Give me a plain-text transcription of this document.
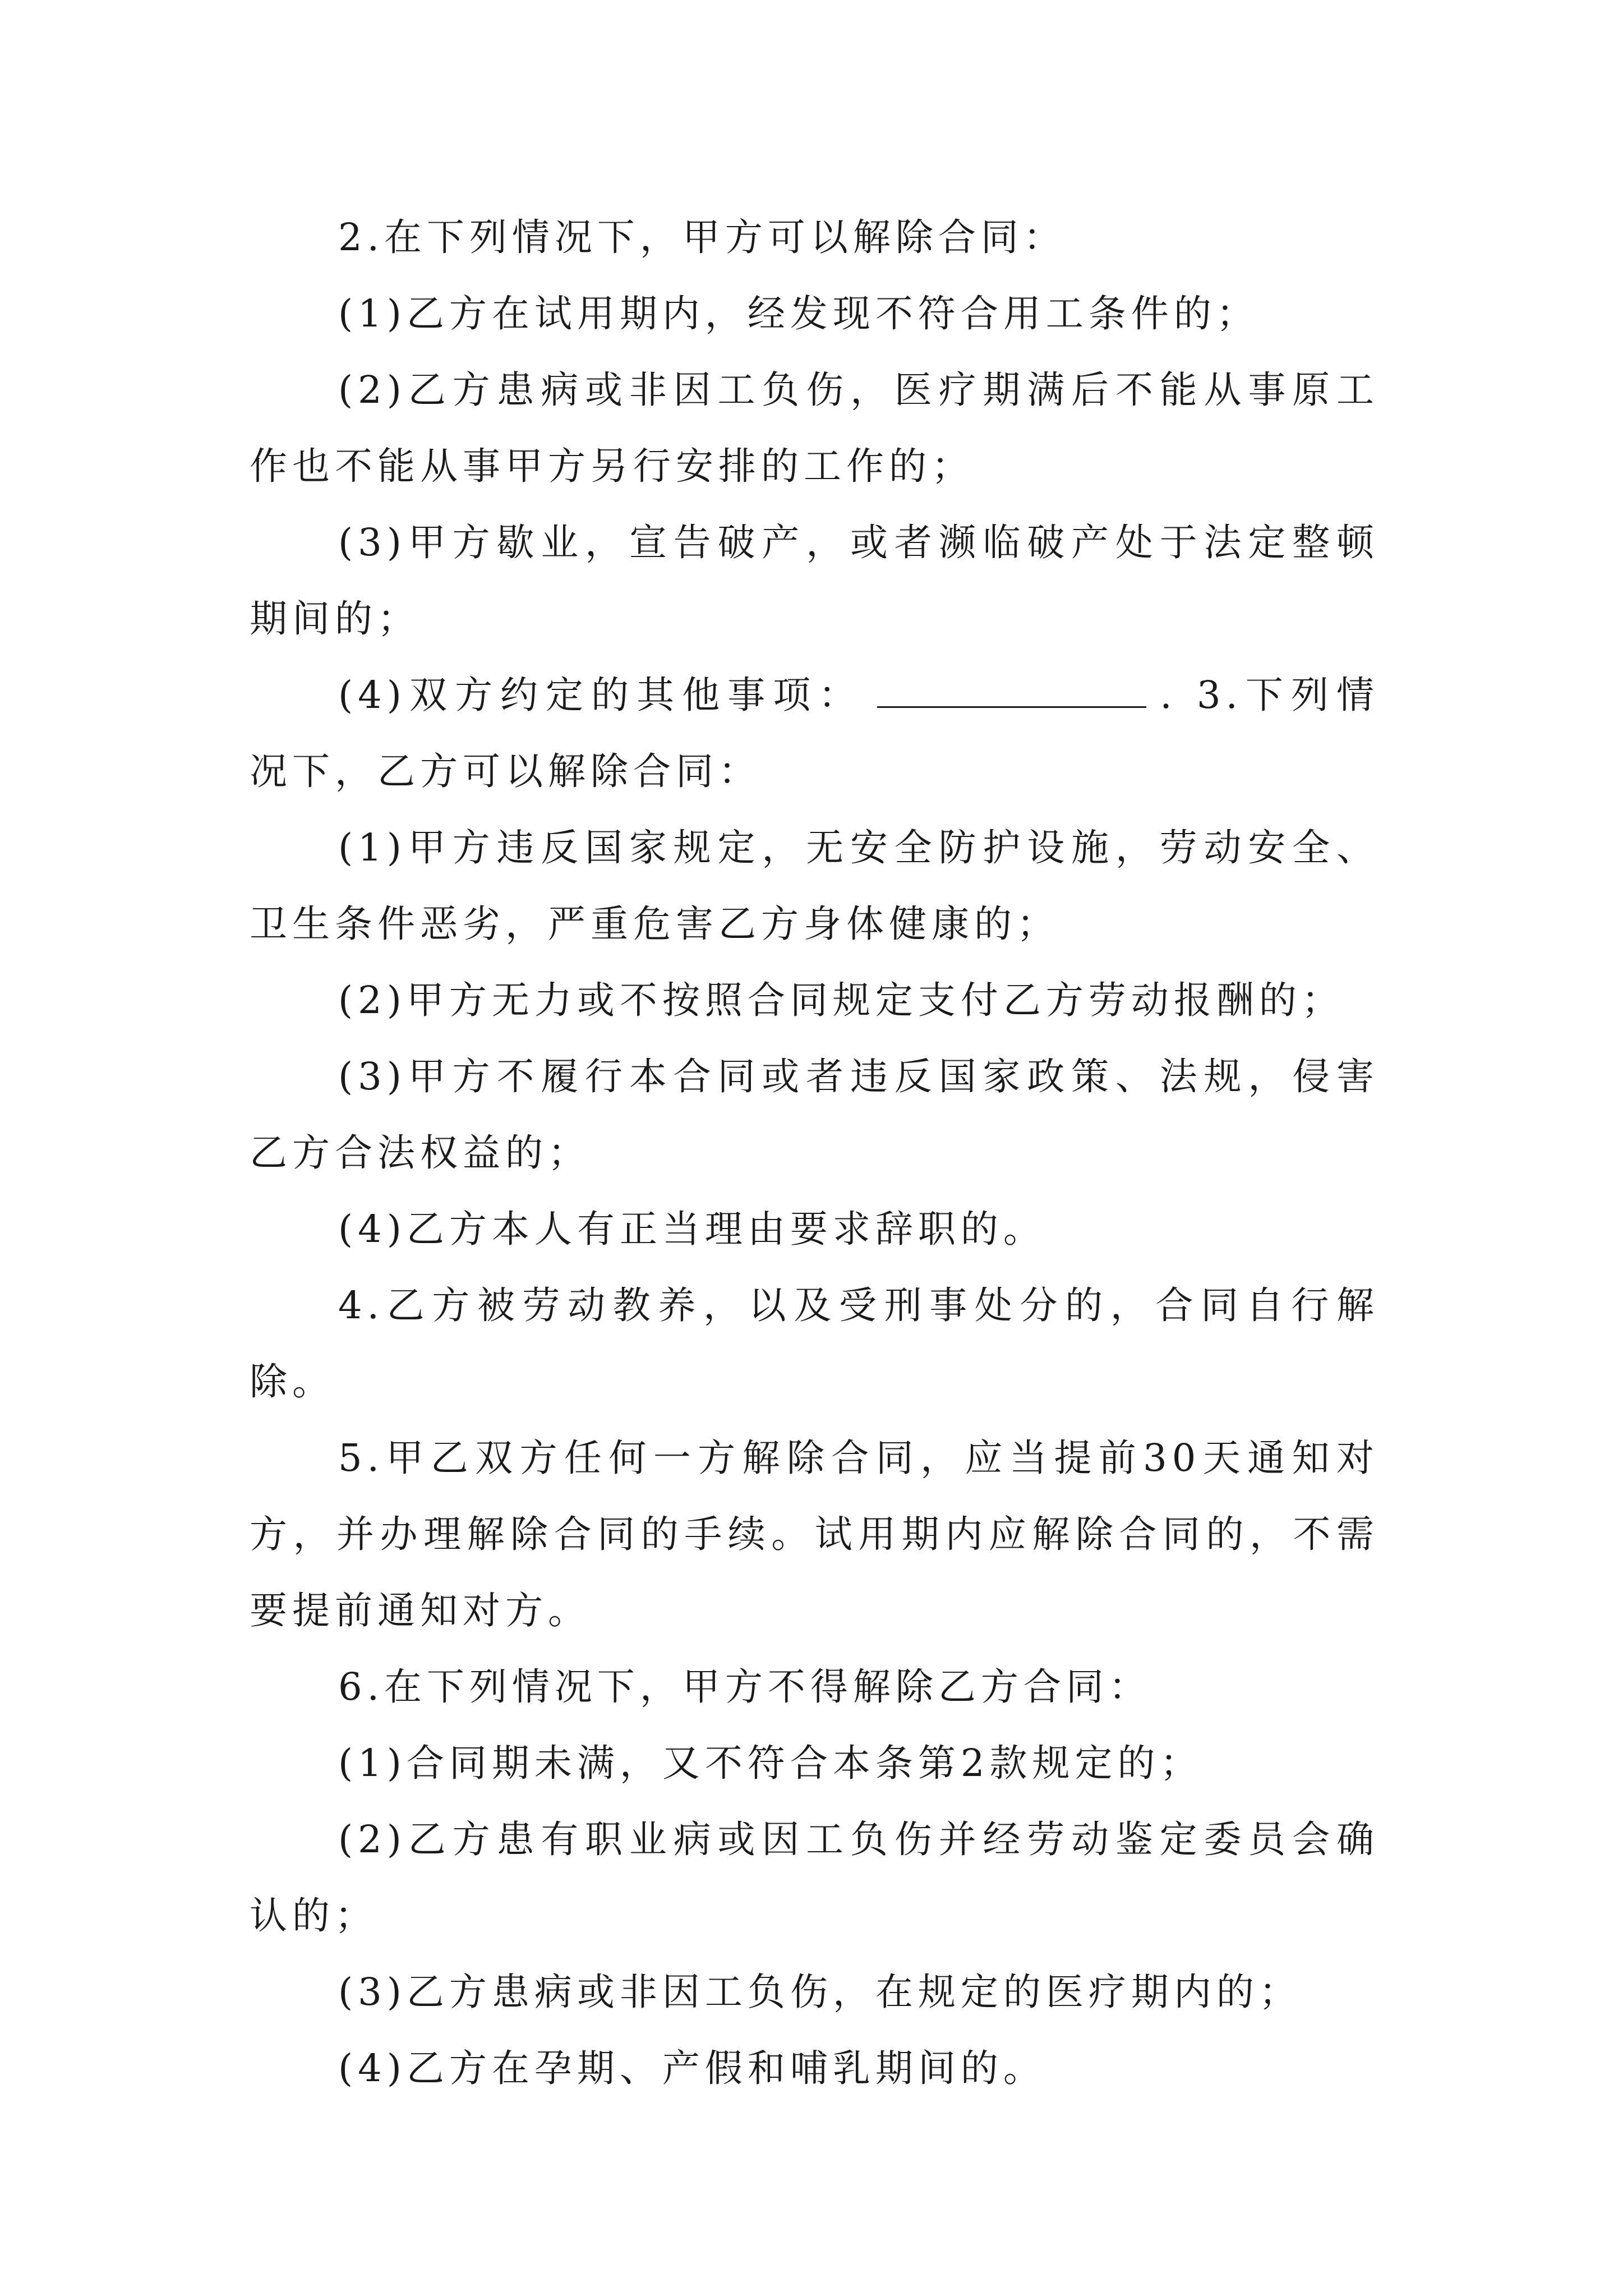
2.在下列情况下，甲方可以解除合同：

(1)乙方在试用期内，经发现不符合用工条件的；

(2)乙方患病或非因工负伤，医疗期满后不能从事原工作也不能从事甲方另行安排的工作的；

(3)甲方歇业，宣告破产，或者濒临破产处于法定整顿期间的；

(4)双方约定的其他事项：	. 3.下列情况下，乙方可以解除合同：

(1)甲方违反国家规定，无安全防护设施，劳动安全、卫生条件恶劣，严重危害乙方身体健康的；

(2)甲方无力或不按照合同规定支付乙方劳动报酬的；

(3)甲方不履行本合同或者违反国家政策、法规，侵害乙方合法权益的；

(4)乙方本人有正当理由要求辞职的。

4.乙方被劳动教养，以及受刑事处分的，合同自行解除。

5.甲乙双方任何一方解除合同，应当提前30天通知对方，并办理解除合同的手续。试用期内应解除合同的，不需要提前通知对方。

6.在下列情况下，甲方不得解除乙方合同：

(1)合同期未满，又不符合本条第2款规定的；

(2)乙方患有职业病或因工负伤并经劳动鉴定委员会确认的；

(3)乙方患病或非因工负伤，在规定的医疗期内的；

(4)乙方在孕期、产假和哺乳期间的。
